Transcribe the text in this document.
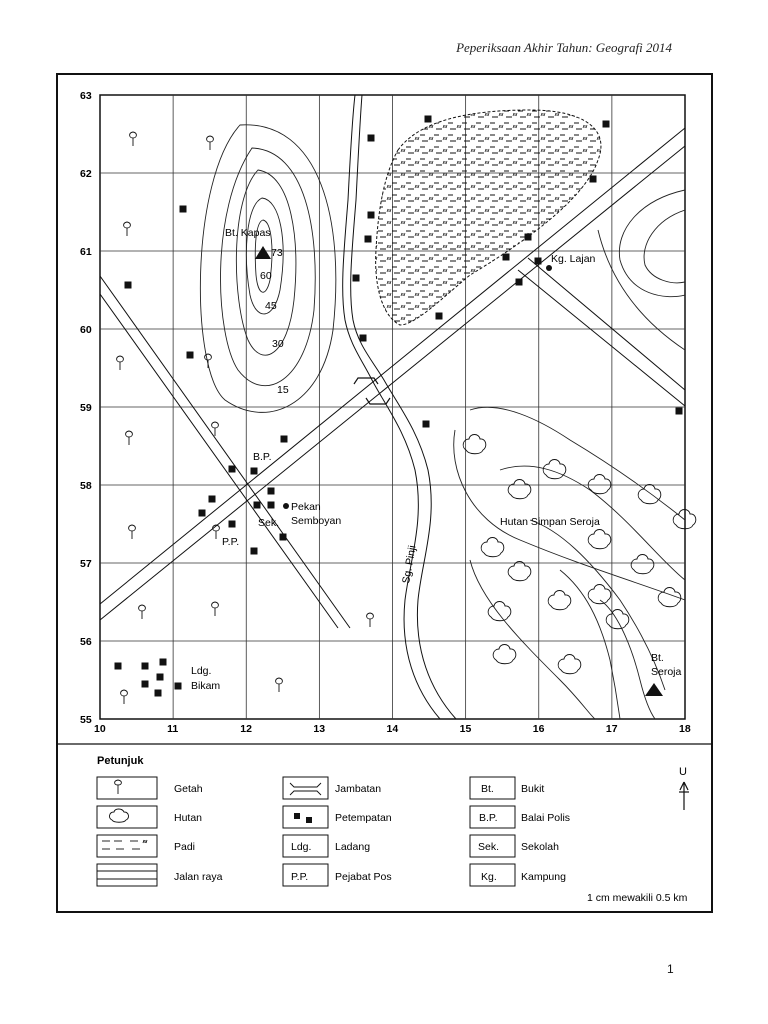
Peperiksaan Akhir Tahun: Geografi 2014
10	11	12	13	14	15	16	17	18
55
56
57
58
59
60
61
62
63
Bt. Kapas
73
60
45
30
15
Kg. Lajan
B.P.
Pekan
Semboyan
Sek.
P.P.
Sg. Pinji
Hutan Simpan Seroja
Bt.
Seroja
Ldg.
Bikam
Petunjuk
Getah
Hutan
Padi
Jalan raya
Jambatan
Petempatan
Ldg. Ladang
P.P.	Pejabat Pos
Bt.	Bukit
B.P. Balai Polis
Sek. Sekolah
Kg. Kampung
U
1 cm mewakili 0.5 km
1
